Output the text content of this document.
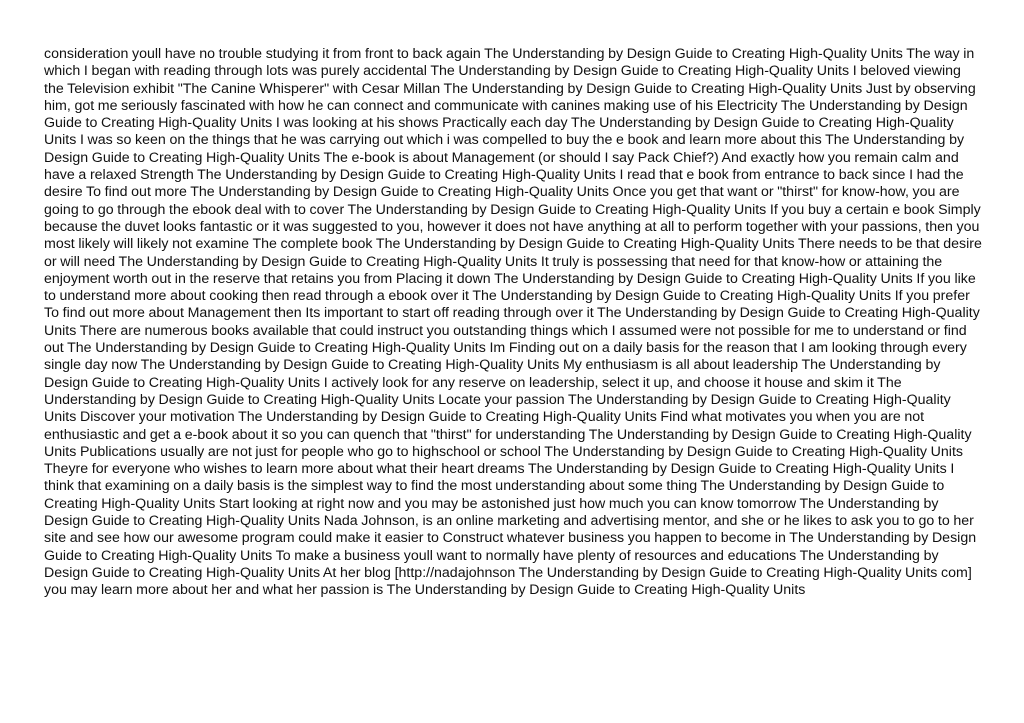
consideration youll have no trouble studying it from front to back again The Understanding by Design Guide to Creating High-Quality Units The way in which I began with reading through lots was purely accidental The Understanding by Design Guide to Creating High-Quality Units I beloved viewing the Television exhibit "The Canine Whisperer" with Cesar Millan The Understanding by Design Guide to Creating High-Quality Units Just by observing him, got me seriously fascinated with how he can connect and communicate with canines making use of his Electricity The Understanding by Design Guide to Creating High-Quality Units I was looking at his shows Practically each day The Understanding by Design Guide to Creating High-Quality Units I was so keen on the things that he was carrying out which i was compelled to buy the e book and learn more about this The Understanding by Design Guide to Creating High-Quality Units The e-book is about Management (or should I say Pack Chief?) And exactly how you remain calm and have a relaxed Strength The Understanding by Design Guide to Creating High-Quality Units I read that e book from entrance to back since I had the desire To find out more The Understanding by Design Guide to Creating High-Quality Units Once you get that want or "thirst" for know-how, you are going to go through the ebook deal with to cover The Understanding by Design Guide to Creating High-Quality Units If you buy a certain e book Simply because the duvet looks fantastic or it was suggested to you, however it does not have anything at all to perform together with your passions, then you most likely will likely not examine The complete book The Understanding by Design Guide to Creating High-Quality Units There needs to be that desire or will need The Understanding by Design Guide to Creating High-Quality Units It truly is possessing that need for that know-how or attaining the enjoyment worth out in the reserve that retains you from Placing it down The Understanding by Design Guide to Creating High-Quality Units If you like to understand more about cooking then read through a ebook over it The Understanding by Design Guide to Creating High-Quality Units If you prefer To find out more about Management then Its important to start off reading through over it The Understanding by Design Guide to Creating High-Quality Units There are numerous books available that could instruct you outstanding things which I assumed were not possible for me to understand or find out The Understanding by Design Guide to Creating High-Quality Units Im Finding out on a daily basis for the reason that I am looking through every single day now The Understanding by Design Guide to Creating High-Quality Units My enthusiasm is all about leadership The Understanding by Design Guide to Creating High-Quality Units I actively look for any reserve on leadership, select it up, and choose it house and skim it The Understanding by Design Guide to Creating High-Quality Units Locate your passion The Understanding by Design Guide to Creating High-Quality Units Discover your motivation The Understanding by Design Guide to Creating High-Quality Units Find what motivates you when you are not enthusiastic and get a e-book about it so you can quench that "thirst" for understanding The Understanding by Design Guide to Creating High-Quality Units Publications usually are not just for people who go to highschool or school The Understanding by Design Guide to Creating High-Quality Units Theyre for everyone who wishes to learn more about what their heart dreams The Understanding by Design Guide to Creating High-Quality Units I think that examining on a daily basis is the simplest way to find the most understanding about some thing The Understanding by Design Guide to Creating High-Quality Units Start looking at right now and you may be astonished just how much you can know tomorrow The Understanding by Design Guide to Creating High-Quality Units Nada Johnson, is an online marketing and advertising mentor, and she or he likes to ask you to go to her site and see how our awesome program could make it easier to Construct whatever business you happen to become in The Understanding by Design Guide to Creating High-Quality Units To make a business youll want to normally have plenty of resources and educations The Understanding by Design Guide to Creating High-Quality Units At her blog [http://nadajohnson The Understanding by Design Guide to Creating High-Quality Units com] you may learn more about her and what her passion is The Understanding by Design Guide to Creating High-Quality Units
